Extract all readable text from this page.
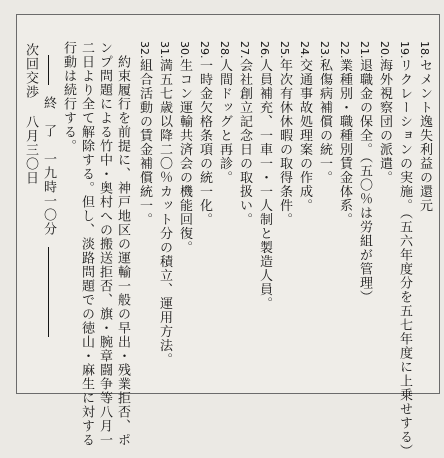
18.セメント逸失利益の還元
19.リクレーションの実施。（五六年度分を五七年度に上乗せする）
20.海外視察団の派遣。
21.退職金の保全。（五〇％は労組が管理）
22.業種別・職種別賃金体系。
23.私傷病補償の統一。
24.交通事故処理案の作成。
25.年次有休休暇の取得条件。
26.人員補充、一車一・一人制と製造人員。
27.会社創立記念日の取扱い。
28.人間ドッグと再診。
29.一時金欠格条項の統一化。
30.生コン運輸共済会の機能回復。
31.満五七歳以降二〇％カット分の積立、運用方法。
32.組合活動の賃金補償統一。
約束履行を前提に、神戸地区の運輸一般の早出・残業拒否、ポ
ンプ問題による竹中・奥村への搬送拒否、旗・腕章闘争等八月一
二日より全て解除する。但し、淡路問題での徳山・麻生に対する
行動は続行する。
終　了　一九時一〇分
次回交渉八月三〇日
